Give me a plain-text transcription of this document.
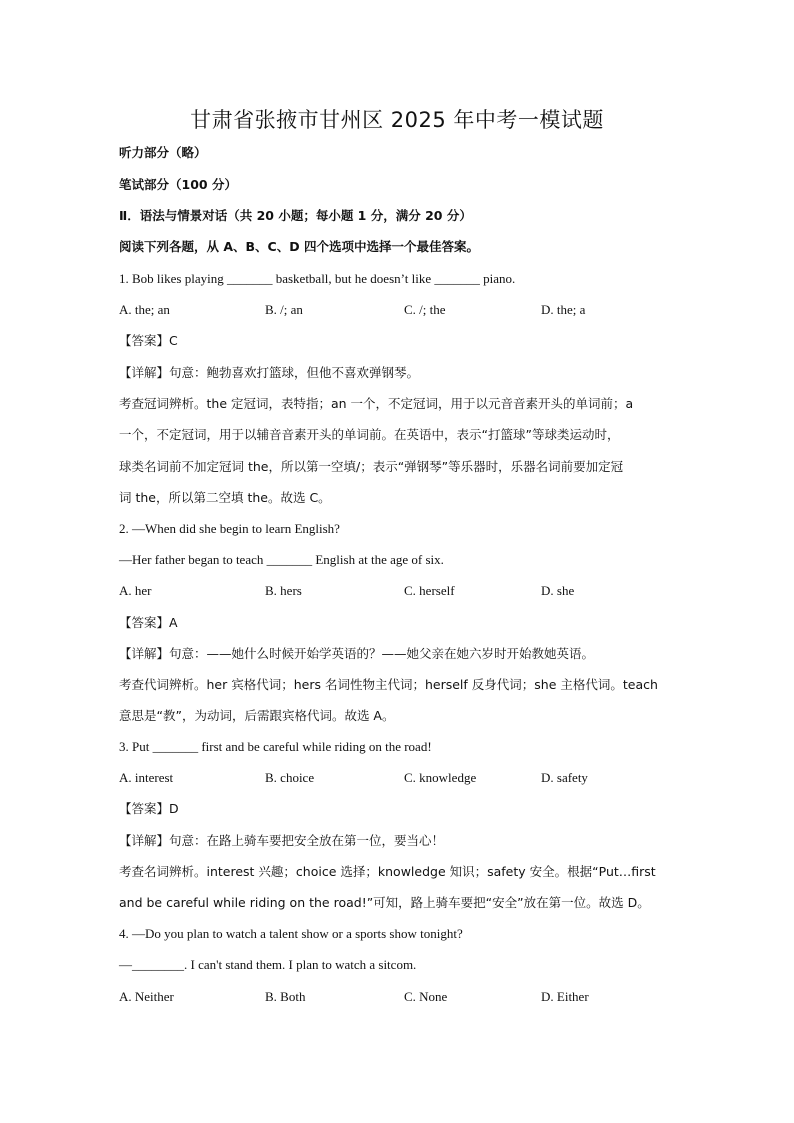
甘肃省张掖市甘州区 2025 年中考一模试题
听力部分（略）
笔试部分（100 分）
Ⅱ．语法与情景对话（共 20 小题；每小题 1 分，满分 20 分）
阅读下列各题，从 A、B、C、D 四个选项中选择一个最佳答案。
1. Bob likes playing _______ basketball, but he doesn’t like _______ piano.
A. the; an	B. /; an	C. /; the	D. the; a
【答案】C
【详解】句意：鲍勃喜欢打篮球，但他不喜欢弹钢琴。
考查冠词辨析。the 定冠词，表特指；an 一个，不定冠词，用于以元音音素开头的单词前；a
一个，不定冠词，用于以辅音音素开头的单词前。在英语中，表示“打篮球”等球类运动时，
球类名词前不加定冠词 the，所以第一空填/；表示“弹钢琴”等乐器时，乐器名词前要加定冠
词 the，所以第二空填 the。故选 C。
2. —When did she begin to learn English?
—Her father began to teach _______ English at the age of six.
A. her	B. hers	C. herself	D. she
【答案】A
【详解】句意：——她什么时候开始学英语的？——她父亲在她六岁时开始教她英语。
考查代词辨析。her 宾格代词；hers 名词性物主代词；herself 反身代词；she 主格代词。teach
意思是“教”，为动词，后需跟宾格代词。故选 A。
3. Put _______ first and be careful while riding on the road!
A. interest	B. choice	C. knowledge	D. safety
【答案】D
【详解】句意：在路上骑车要把安全放在第一位，要当心！
考查名词辨析。interest 兴趣；choice 选择；knowledge 知识；safety 安全。根据“Put…first
and be careful while riding on the road!”可知，路上骑车要把“安全”放在第一位。故选 D。
4. —Do you plan to watch a talent show or a sports show tonight?
—________. I can't stand them. I plan to watch a sitcom.
A. Neither	B. Both	C. None	D. Either
